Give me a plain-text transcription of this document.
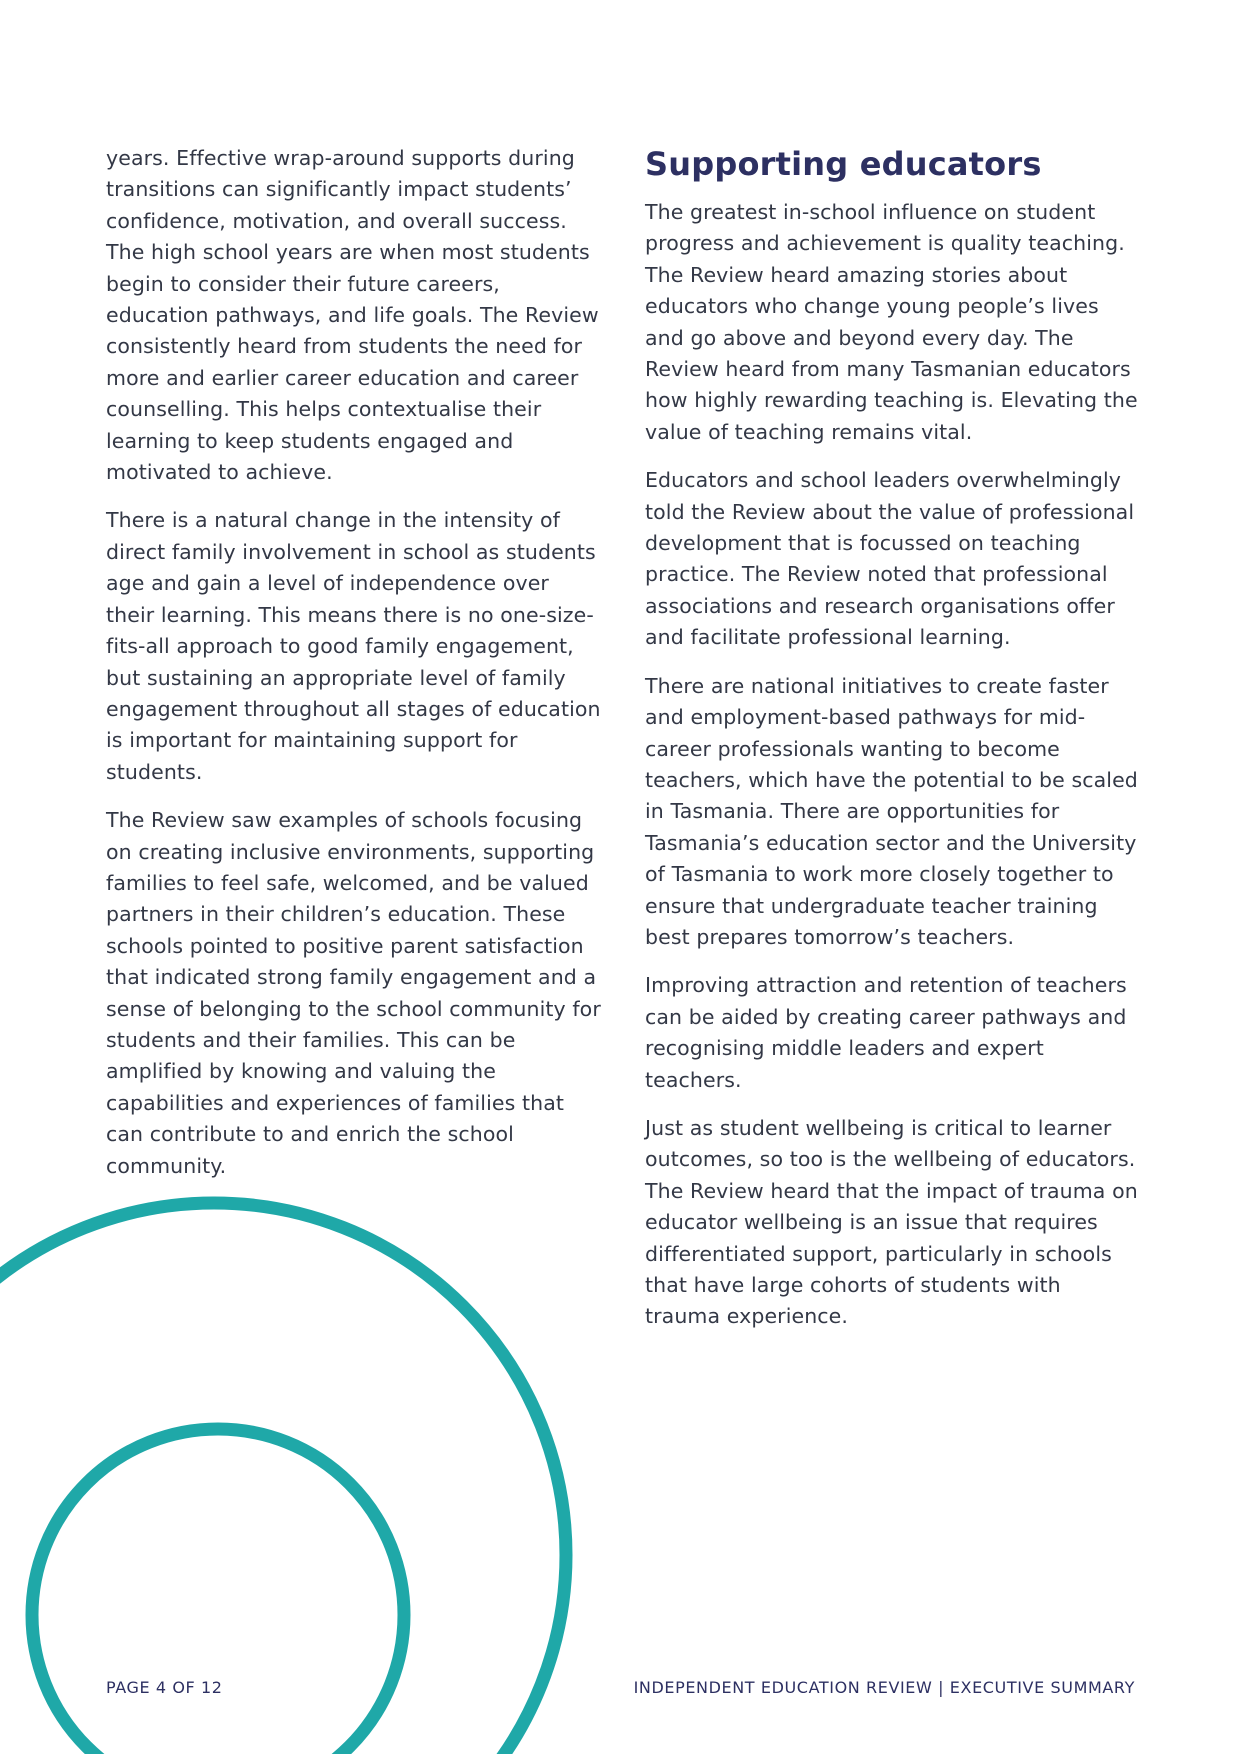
years. Effective wrap-around supports during transitions can significantly impact students’ confidence, motivation, and overall success. The high school years are when most students begin to consider their future careers, education pathways, and life goals. The Review consistently heard from students the need for more and earlier career education and career counselling. This helps contextualise their learning to keep students engaged and motivated to achieve.

There is a natural change in the intensity of direct family involvement in school as students age and gain a level of independence over their learning. This means there is no one-size-fits-all approach to good family engagement, but sustaining an appropriate level of family engagement throughout all stages of education is important for maintaining support for students.

The Review saw examples of schools focusing on creating inclusive environments, supporting families to feel safe, welcomed, and be valued partners in their children’s education. These schools pointed to positive parent satisfaction that indicated strong family engagement and a sense of belonging to the school community for students and their families. This can be amplified by knowing and valuing the capabilities and experiences of families that can contribute to and enrich the school community.

Supporting educators

The greatest in-school influence on student progress and achievement is quality teaching. The Review heard amazing stories about educators who change young people’s lives and go above and beyond every day. The Review heard from many Tasmanian educators how highly rewarding teaching is. Elevating the value of teaching remains vital.

Educators and school leaders overwhelmingly told the Review about the value of professional development that is focussed on teaching practice. The Review noted that professional associations and research organisations offer and facilitate professional learning.

There are national initiatives to create faster and employment-based pathways for mid-career professionals wanting to become teachers, which have the potential to be scaled in Tasmania. There are opportunities for Tasmania’s education sector and the University of Tasmania to work more closely together to ensure that undergraduate teacher training best prepares tomorrow’s teachers.

Improving attraction and retention of teachers can be aided by creating career pathways and recognising middle leaders and expert teachers.

Just as student wellbeing is critical to learner outcomes, so too is the wellbeing of educators. The Review heard that the impact of trauma on educator wellbeing is an issue that requires differentiated support, particularly in schools that have large cohorts of students with trauma experience.

PAGE 4 OF 12	INDEPENDENT EDUCATION REVIEW | EXECUTIVE SUMMARY
